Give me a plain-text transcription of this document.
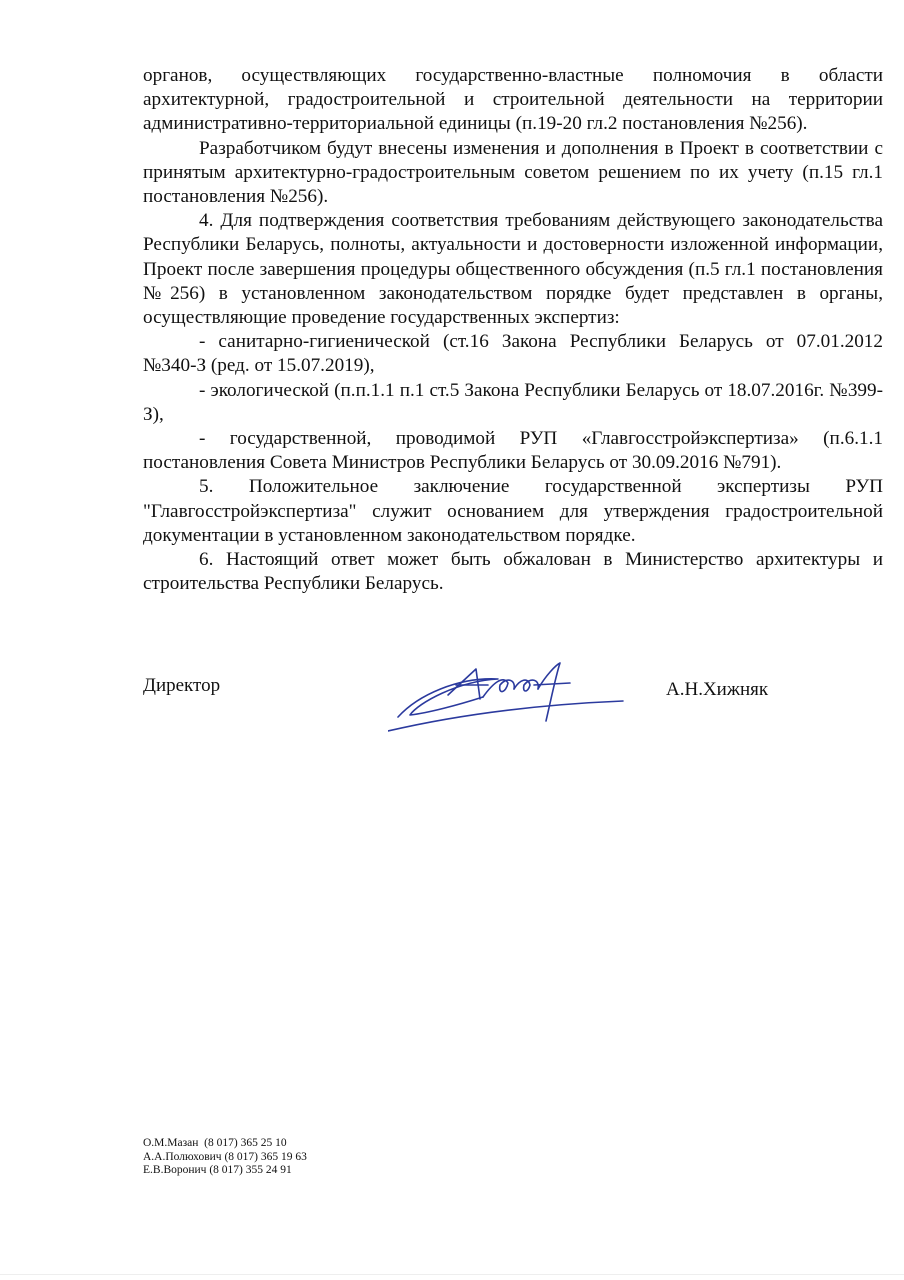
органов, осуществляющих государственно-властные полномочия в области архитектурной, градостроительной и строительной деятельности на территории административно-территориальной единицы (п.19-20 гл.2 постановления №256).

Разработчиком будут внесены изменения и дополнения в Проект в соответствии с принятым архитектурно-градостроительным советом решением по их учету (п.15 гл.1 постановления №256).

4. Для подтверждения соответствия требованиям действующего законодательства Республики Беларусь, полноты, актуальности и достоверности изложенной информации, Проект после завершения процедуры общественного обсуждения (п.5 гл.1 постановления №256) в установленном законодательством порядке будет представлен в органы, осуществляющие проведение государственных экспертиз:

- санитарно-гигиенической (ст.16 Закона Республики Беларусь от 07.01.2012 №340-З (ред. от 15.07.2019),

- экологической (п.п.1.1 п.1 ст.5 Закона Республики Беларусь от 18.07.2016г. №399-З),

- государственной, проводимой РУП «Главгосстройэкспертиза» (п.6.1.1 постановления Совета Министров Республики Беларусь от 30.09.2016 №791).

5. Положительное заключение государственной экспертизы РУП "Главгосстройэкспертиза" служит основанием для утверждения градостроительной документации в установленном законодательством порядке.

6. Настоящий ответ может быть обжалован в Министерство архитектуры и строительства Республики Беларусь.

Директор	А.Н.Хижняк
О.М.Мазан  (8 017) 365 25 10
А.А.Полюхович (8 017) 365 19 63
Е.В.Воронич (8 017) 355 24 91
